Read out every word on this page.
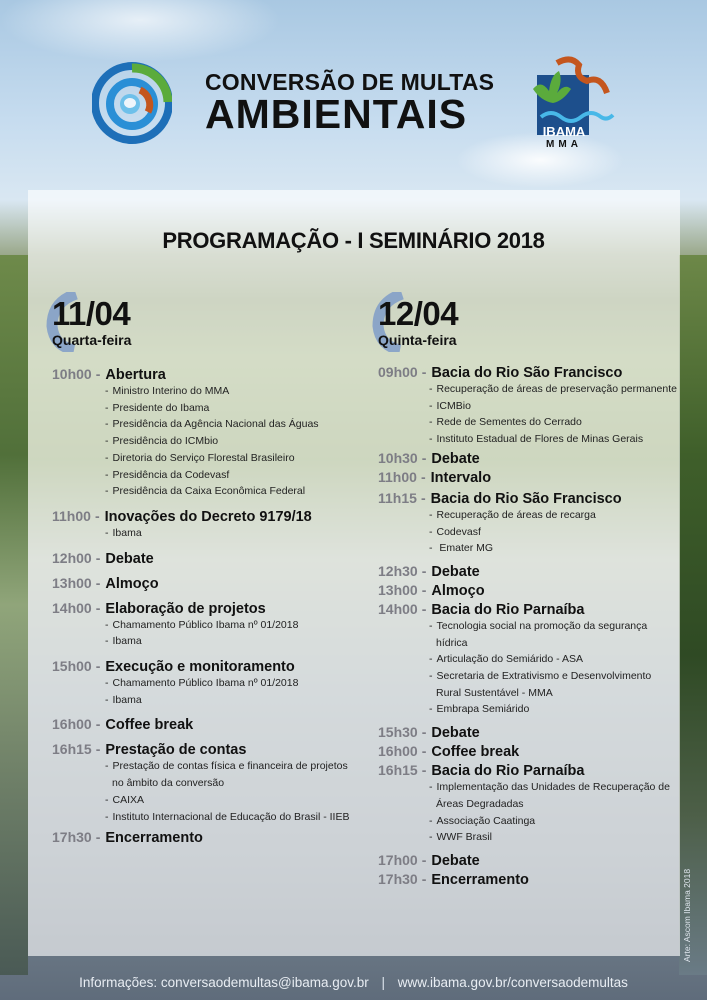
CONVERSÃO DE MULTAS
AMBIENTAIS	IBAMA
MMA
PROGRAMAÇÃO - I SEMINÁRIO 2018
11/04
Quarta-feira
10h00 - Abertura
- Ministro Interino do MMA
- Presidente do Ibama
- Presidência da Agência Nacional das Águas
- Presidência do ICMbio
- Diretoria do Serviço Florestal Brasileiro
- Presidência da Codevasf
- Presidência da Caixa Econômica Federal
11h00 - Inovações do Decreto 9179/18
- Ibama
12h00 - Debate
13h00 - Almoço
14h00 - Elaboração de projetos
- Chamamento Público Ibama nº 01/2018
- Ibama
15h00 - Execução e monitoramento
- Chamamento Público Ibama nº 01/2018
- Ibama
16h00 - Coffee break
16h15 - Prestação de contas
- Prestação de contas física e financeira de projetos no âmbito da conversão
- CAIXA
- Instituto Internacional de Educação do Brasil - IIEB
17h30 - Encerramento
12/04
Quinta-feira
09h00 - Bacia do Rio São Francisco
- Recuperação de áreas de preservação permanente
- ICMBio
- Rede de Sementes do Cerrado
- Instituto Estadual de Flores de Minas Gerais
10h30 - Debate
11h00 - Intervalo
11h15 - Bacia do Rio São Francisco
- Recuperação de áreas de recarga
- Codevasf
- Emater MG
12h30 - Debate
13h00 - Almoço
14h00 - Bacia do Rio Parnaíba
- Tecnologia social na promoção da segurança hídrica
- Articulação do Semiárido - ASA
- Secretaria de Extrativismo e Desenvolvimento Rural Sustentável - MMA
- Embrapa Semiárido
15h30 - Debate
16h00 - Coffee break
16h15 - Bacia do Rio Parnaíba
- Implementação das Unidades de Recuperação de Áreas Degradadas
- Associação Caatinga
- WWF Brasil
17h00 - Debate
17h30 - Encerramento
Informações: conversaodemultas@ibama.gov.br | www.ibama.gov.br/conversaodemultas
Arte: Ascom Ibama 2018
